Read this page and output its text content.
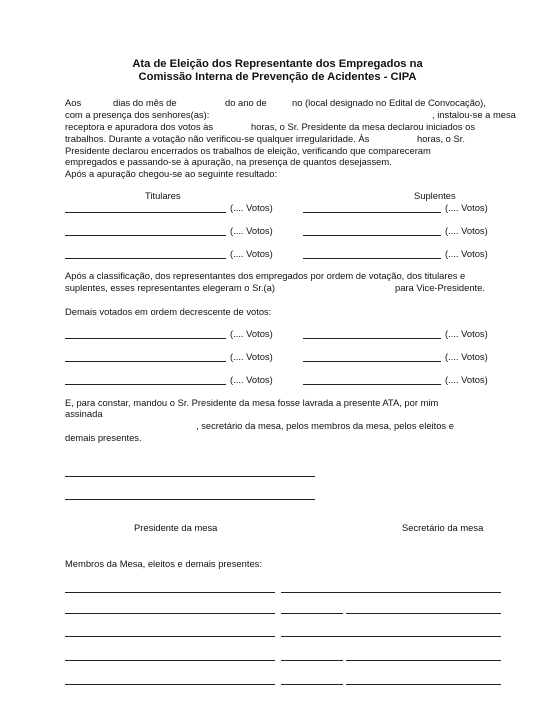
Ata de Eleição dos Representante dos Empregados na
Comissão Interna de Prevenção de Acidentes - CIPA
Aos	dias do mês de	do ano de	no (local designado no Edital de Convocação),
com a presença dos senhores(as):	, instalou-se a mesa
receptora e apuradora dos votos às	horas, o Sr. Presidente da mesa declarou iniciados os
trabalhos. Durante a votação não verificou-se qualquer irregularidade. Às	horas, o Sr.
Presidente declarou encerrados os trabalhos de eleição, verificando que compareceram
empregados e passando-se à apuração, na presença de quantos desejassem.
Após a apuração chegou-se ao seguinte resultado:
Titulares	Suplentes
(.... Votos)	(.... Votos)
(.... Votos)	(.... Votos)
(.... Votos)	(.... Votos)
Após a classificação, dos representantes dos empregados por ordem de votação, dos titulares e
suplentes, esses representantes elegeram o Sr.(a)	para Vice-Presidente.
Demais votados em ordem decrescente de votos:
(.... Votos)	(.... Votos)
(.... Votos)	(.... Votos)
(.... Votos)	(.... Votos)
E, para constar, mandou o Sr. Presidente da mesa fosse lavrada a presente ATA, por mim
assinada
, secretário da mesa, pelos membros da mesa, pelos eleitos e
demais presentes.
Presidente da mesa	Secretário da mesa
Membros da Mesa, eleitos e demais presentes:
